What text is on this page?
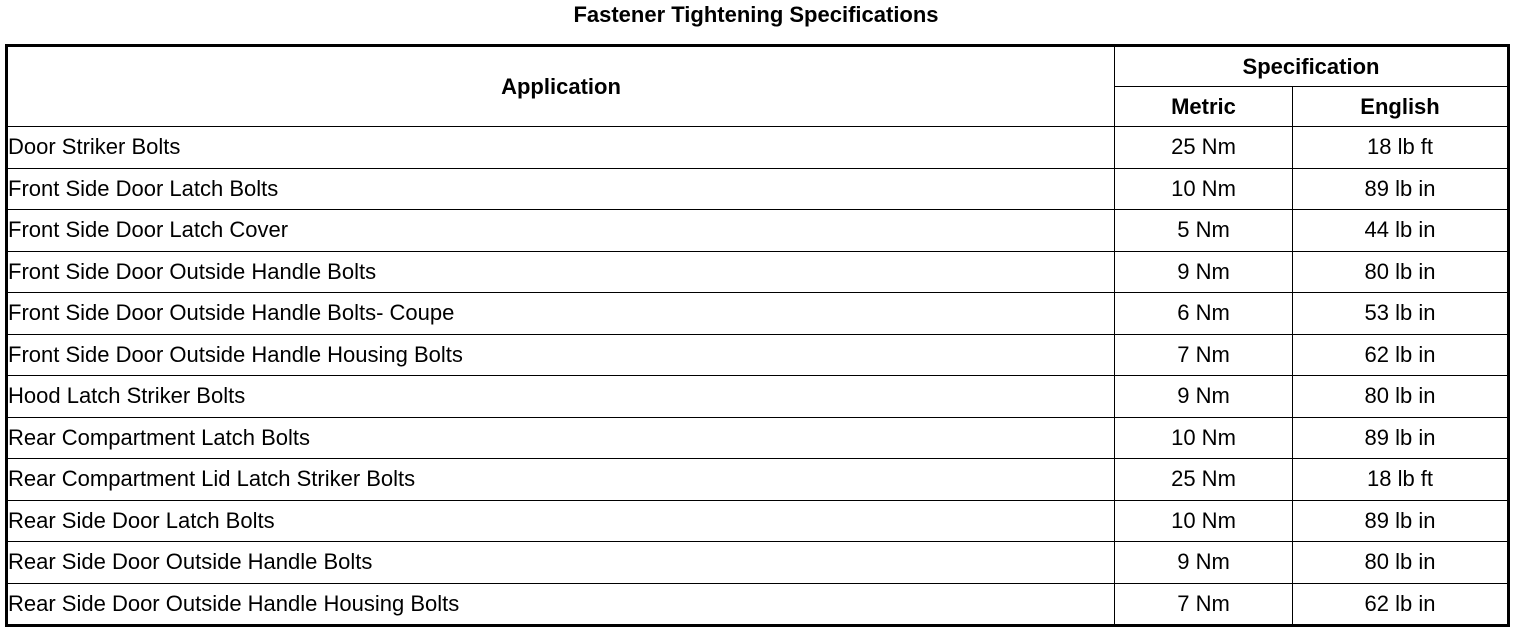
Fastener Tightening Specifications
Application	Specification	
	Metric	English
Door Striker Bolts	25 Nm	18 lb ft
Front Side Door Latch Bolts	10 Nm	89 lb in
Front Side Door Latch Cover	5 Nm	44 lb in
Front Side Door Outside Handle Bolts	9 Nm	80 lb in
Front Side Door Outside Handle Bolts- Coupe	6 Nm	53 lb in
Front Side Door Outside Handle Housing Bolts	7 Nm	62 lb in
Hood Latch Striker Bolts	9 Nm	80 lb in
Rear Compartment Latch Bolts	10 Nm	89 lb in
Rear Compartment Lid Latch Striker Bolts	25 Nm	18 lb ft
Rear Side Door Latch Bolts	10 Nm	89 lb in
Rear Side Door Outside Handle Bolts	9 Nm	80 lb in
Rear Side Door Outside Handle Housing Bolts	7 Nm	62 lb in
